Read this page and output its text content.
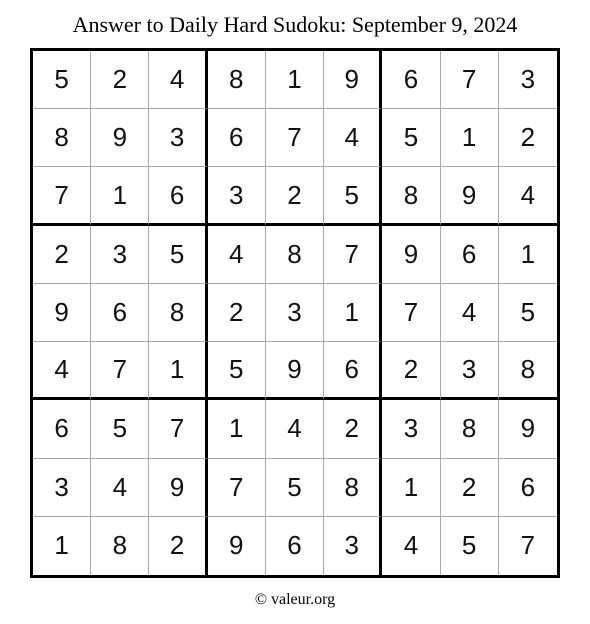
Answer to Daily Hard Sudoku: September 9, 2024
5	2	4	8	1	9	6	7	3
8	9	3	6	7	4	5	1	2
7	1	6	3	2	5	8	9	4
2	3	5	4	8	7	9	6	1
9	6	8	2	3	1	7	4	5
4	7	1	5	9	6	2	3	8
6	5	7	1	4	2	3	8	9
3	4	9	7	5	8	1	2	6
1	8	2	9	6	3	4	5	7
© valeur.org
